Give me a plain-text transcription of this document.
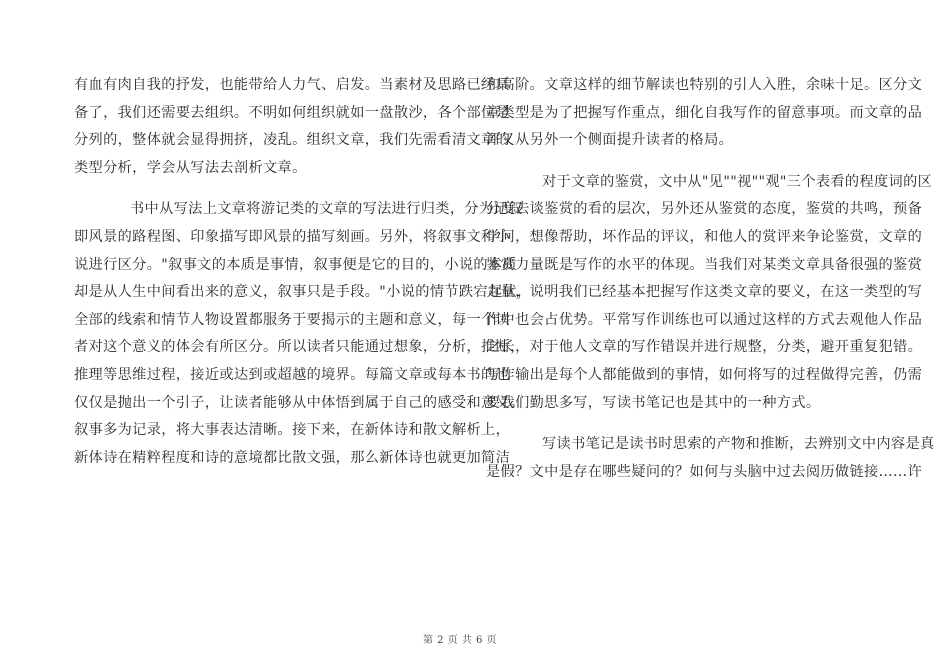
有血有肉自我的抒发，也能带给人力气、启发。当素材及思路已经具
备了，我们还需要去组织。不明如何组织就如一盘散沙，各个部位是
分列的，整体就会显得拥挤，凌乱。组织文章，我们先需看清文章的
类型分析，学会从写法去剖析文章。
书中从写法上文章将游记类的文章的写法进行归类，分为记叙
即风景的路程图、印象描写即风景的描写刻画。另外，将叙事文和小
说进行区分。"叙事文的本质是事情，叙事便是它的目的，小说的本质
却是从人生中间看出来的意义，叙事只是手段。"小说的情节跌宕起伏，
全部的线索和情节人物设置都服务于要揭示的主题和意义，每一个读
者对这个意义的体会有所区分。所以读者只能通过想象，分析，推断，
推理等思维过程，接近或达到或超越的境界。每篇文章或每本书的也
仅仅是抛出一个引子，让读者能够从中体悟到属于自己的感受和意义。
叙事多为记录，将大事表达清晰。接下来，在新体诗和散文解析上，
新体诗在精粹程度和诗的意境都比散文强，那么新体诗也就更加简洁
和高阶。文章这样的细节解读也特别的引人入胜，余味十足。区分文
章类型是为了把握写作重点，细化自我写作的留意事项。而文章的品
评又从另外一个侧面提升读者的格局。
对于文章的鉴赏，文中从"见""视""观"三个表看的程度词的区
分度去谈鉴赏的看的层次，另外还从鉴赏的态度，鉴赏的共鸣，预备
学问，想像帮助，坏作品的评议，和他人的赏评来争论鉴赏，文章的
鉴赏力量既是写作的水平的体现。当我们对某类文章具备很强的鉴赏
力量，说明我们已经基本把握写作这类文章的要义，在这一类型的写
作中也会占优势。平常写作训练也可以通过这样的方式去观他人作品
之长，对于他人文章的写作错误并进行规整，分类，避开重复犯错。
写作输出是每个人都能做到的事情，如何将写的过程做得完善，仍需
要我们勤思多写，写读书笔记也是其中的一种方式。
写读书笔记是读书时思索的产物和推断，去辨别文中内容是真
是假？文中是存在哪些疑问的？如何与头脑中过去阅历做链接……许
第 2 页 共 6 页
